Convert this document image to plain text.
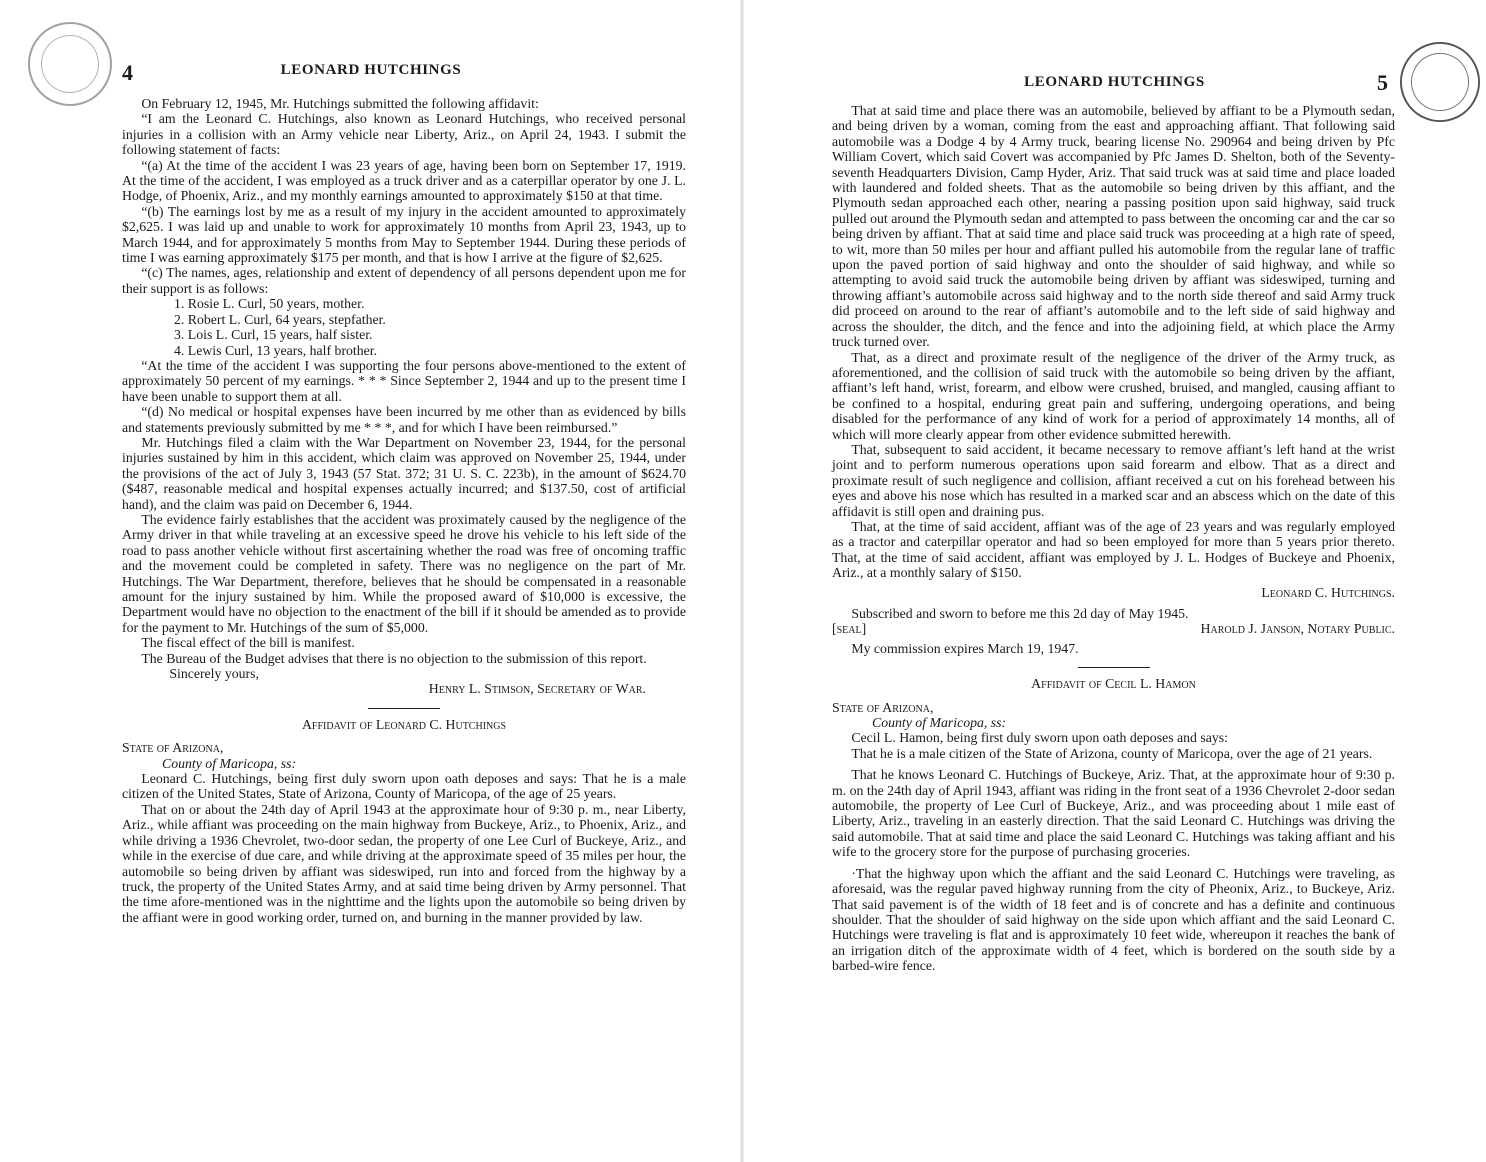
4	LEONARD HUTCHINGS

On February 12, 1945, Mr. Hutchings submitted the following affidavit:

“I am the Leonard C. Hutchings, also known as Leonard Hutchings, who received personal injuries in a collision with an Army vehicle near Liberty, Ariz., on April 24, 1943. I submit the following statement of facts:

“(a) At the time of the accident I was 23 years of age, having been born on September 17, 1919. At the time of the accident, I was employed as a truck driver and as a caterpillar operator by one J. L. Hodge, of Phoenix, Ariz., and my monthly earnings amounted to approximately $150 at that time.

“(b) The earnings lost by me as a result of my injury in the accident amounted to approximately $2,625. I was laid up and unable to work for approximately 10 months from April 23, 1943, up to March 1944, and for approximately 5 months from May to September 1944. During these periods of time I was earning approximately $175 per month, and that is how I arrive at the figure of $2,625.

“(c) The names, ages, relationship and extent of dependency of all persons dependent upon me for their support is as follows:

1. Rosie L. Curl, 50 years, mother.

2. Robert L. Curl, 64 years, stepfather.

3. Lois L. Curl, 15 years, half sister.

4. Lewis Curl, 13 years, half brother.

“At the time of the accident I was supporting the four persons above-mentioned to the extent of approximately 50 percent of my earnings. * * * Since September 2, 1944 and up to the present time I have been unable to support them at all.

“(d) No medical or hospital expenses have been incurred by me other than as evidenced by bills and statements previously submitted by me * * *, and for which I have been reimbursed.”

Mr. Hutchings filed a claim with the War Department on November 23, 1944, for the personal injuries sustained by him in this accident, which claim was approved on November 25, 1944, under the provisions of the act of July 3, 1943 (57 Stat. 372; 31 U. S. C. 223b), in the amount of $624.70 ($487, reasonable medical and hospital expenses actually incurred; and $137.50, cost of artificial hand), and the claim was paid on December 6, 1944.

The evidence fairly establishes that the accident was proximately caused by the negligence of the Army driver in that while traveling at an excessive speed he drove his vehicle to his left side of the road to pass another vehicle without first ascertaining whether the road was free of oncoming traffic and the movement could be completed in safety. There was no negligence on the part of Mr. Hutchings. The War Department, therefore, believes that he should be compensated in a reasonable amount for the injury sustained by him. While the proposed award of $10,000 is excessive, the Department would have no objection to the enactment of the bill if it should be amended as to provide for the payment to Mr. Hutchings of the sum of $5,000.

The fiscal effect of the bill is manifest.

The Bureau of the Budget advises that there is no objection to the submission of this report.

Sincerely yours,

Henry L. Stimson, Secretary of War.

Affidavit of Leonard C. Hutchings

State of Arizona,

County of Maricopa, ss:

Leonard C. Hutchings, being first duly sworn upon oath deposes and says: That he is a male citizen of the United States, State of Arizona, County of Maricopa, of the age of 25 years.

That on or about the 24th day of April 1943 at the approximate hour of 9:30 p. m., near Liberty, Ariz., while affiant was proceeding on the main highway from Buckeye, Ariz., to Phoenix, Ariz., and while driving a 1936 Chevrolet, two-door sedan, the property of one Lee Curl of Buckeye, Ariz., and while in the exercise of due care, and while driving at the approximate speed of 35 miles per hour, the automobile so being driven by affiant was sideswiped, run into and forced from the highway by a truck, the property of the United States Army, and at said time being driven by Army personnel. That the time afore-mentioned was in the nighttime and the lights upon the automobile so being driven by the affiant were in good working order, turned on, and burning in the manner provided by law.

LEONARD HUTCHINGS	5

That at said time and place there was an automobile, believed by affiant to be a Plymouth sedan, and being driven by a woman, coming from the east and approaching affiant. That following said automobile was a Dodge 4 by 4 Army truck, bearing license No. 290964 and being driven by Pfc William Covert, which said Covert was accompanied by Pfc James D. Shelton, both of the Seventy-seventh Headquarters Division, Camp Hyder, Ariz. That said truck was at said time and place loaded with laundered and folded sheets. That as the automobile so being driven by this affiant, and the Plymouth sedan approached each other, nearing a passing position upon said highway, said truck pulled out around the Plymouth sedan and attempted to pass between the oncoming car and the car so being driven by affiant. That at said time and place said truck was proceeding at a high rate of speed, to wit, more than 50 miles per hour and affiant pulled his automobile from the regular lane of traffic upon the paved portion of said highway and onto the shoulder of said highway, and while so attempting to avoid said truck the automobile being driven by affiant was sideswiped, turning and throwing affiant’s automobile across said highway and to the north side thereof and said Army truck did proceed on around to the rear of affiant’s automobile and to the left side of said highway and across the shoulder, the ditch, and the fence and into the adjoining field, at which place the Army truck turned over.

That, as a direct and proximate result of the negligence of the driver of the Army truck, as aforementioned, and the collision of said truck with the automobile so being driven by the affiant, affiant’s left hand, wrist, forearm, and elbow were crushed, bruised, and mangled, causing affiant to be confined to a hospital, enduring great pain and suffering, undergoing operations, and being disabled for the performance of any kind of work for a period of approximately 14 months, all of which will more clearly appear from other evidence submitted herewith.

That, subsequent to said accident, it became necessary to remove affiant’s left hand at the wrist joint and to perform numerous operations upon said forearm and elbow. That as a direct and proximate result of such negligence and collision, affiant received a cut on his forehead between his eyes and above his nose which has resulted in a marked scar and an abscess which on the date of this affidavit is still open and draining pus.

That, at the time of said accident, affiant was of the age of 23 years and was regularly employed as a tractor and caterpillar operator and had so been employed for more than 5 years prior thereto. That, at the time of said accident, affiant was employed by J. L. Hodges of Buckeye and Phoenix, Ariz., at a monthly salary of $150.

Leonard C. Hutchings.

Subscribed and sworn to before me this 2d day of May 1945.

[seal]	Harold J. Janson, Notary Public.

My commission expires March 19, 1947.

Affidavit of Cecil L. Hamon

State of Arizona,

County of Maricopa, ss:

Cecil L. Hamon, being first duly sworn upon oath deposes and says:

That he is a male citizen of the State of Arizona, county of Maricopa, over the age of 21 years.

That he knows Leonard C. Hutchings of Buckeye, Ariz. That, at the approximate hour of 9:30 p. m. on the 24th day of April 1943, affiant was riding in the front seat of a 1936 Chevrolet 2-door sedan automobile, the property of Lee Curl of Buckeye, Ariz., and was proceeding about 1 mile east of Liberty, Ariz., traveling in an easterly direction. That the said Leonard C. Hutchings was driving the said automobile. That at said time and place the said Leonard C. Hutchings was taking affiant and his wife to the grocery store for the purpose of purchasing groceries.

·That the highway upon which the affiant and the said Leonard C. Hutchings were traveling, as aforesaid, was the regular paved highway running from the city of Pheonix, Ariz., to Buckeye, Ariz. That said pavement is of the width of 18 feet and is of concrete and has a definite and continuous shoulder. That the shoulder of said highway on the side upon which affiant and the said Leonard C. Hutchings were traveling is flat and is approximately 10 feet wide, whereupon it reaches the bank of an irrigation ditch of the approximate width of 4 feet, which is bordered on the south side by a barbed-wire fence.
